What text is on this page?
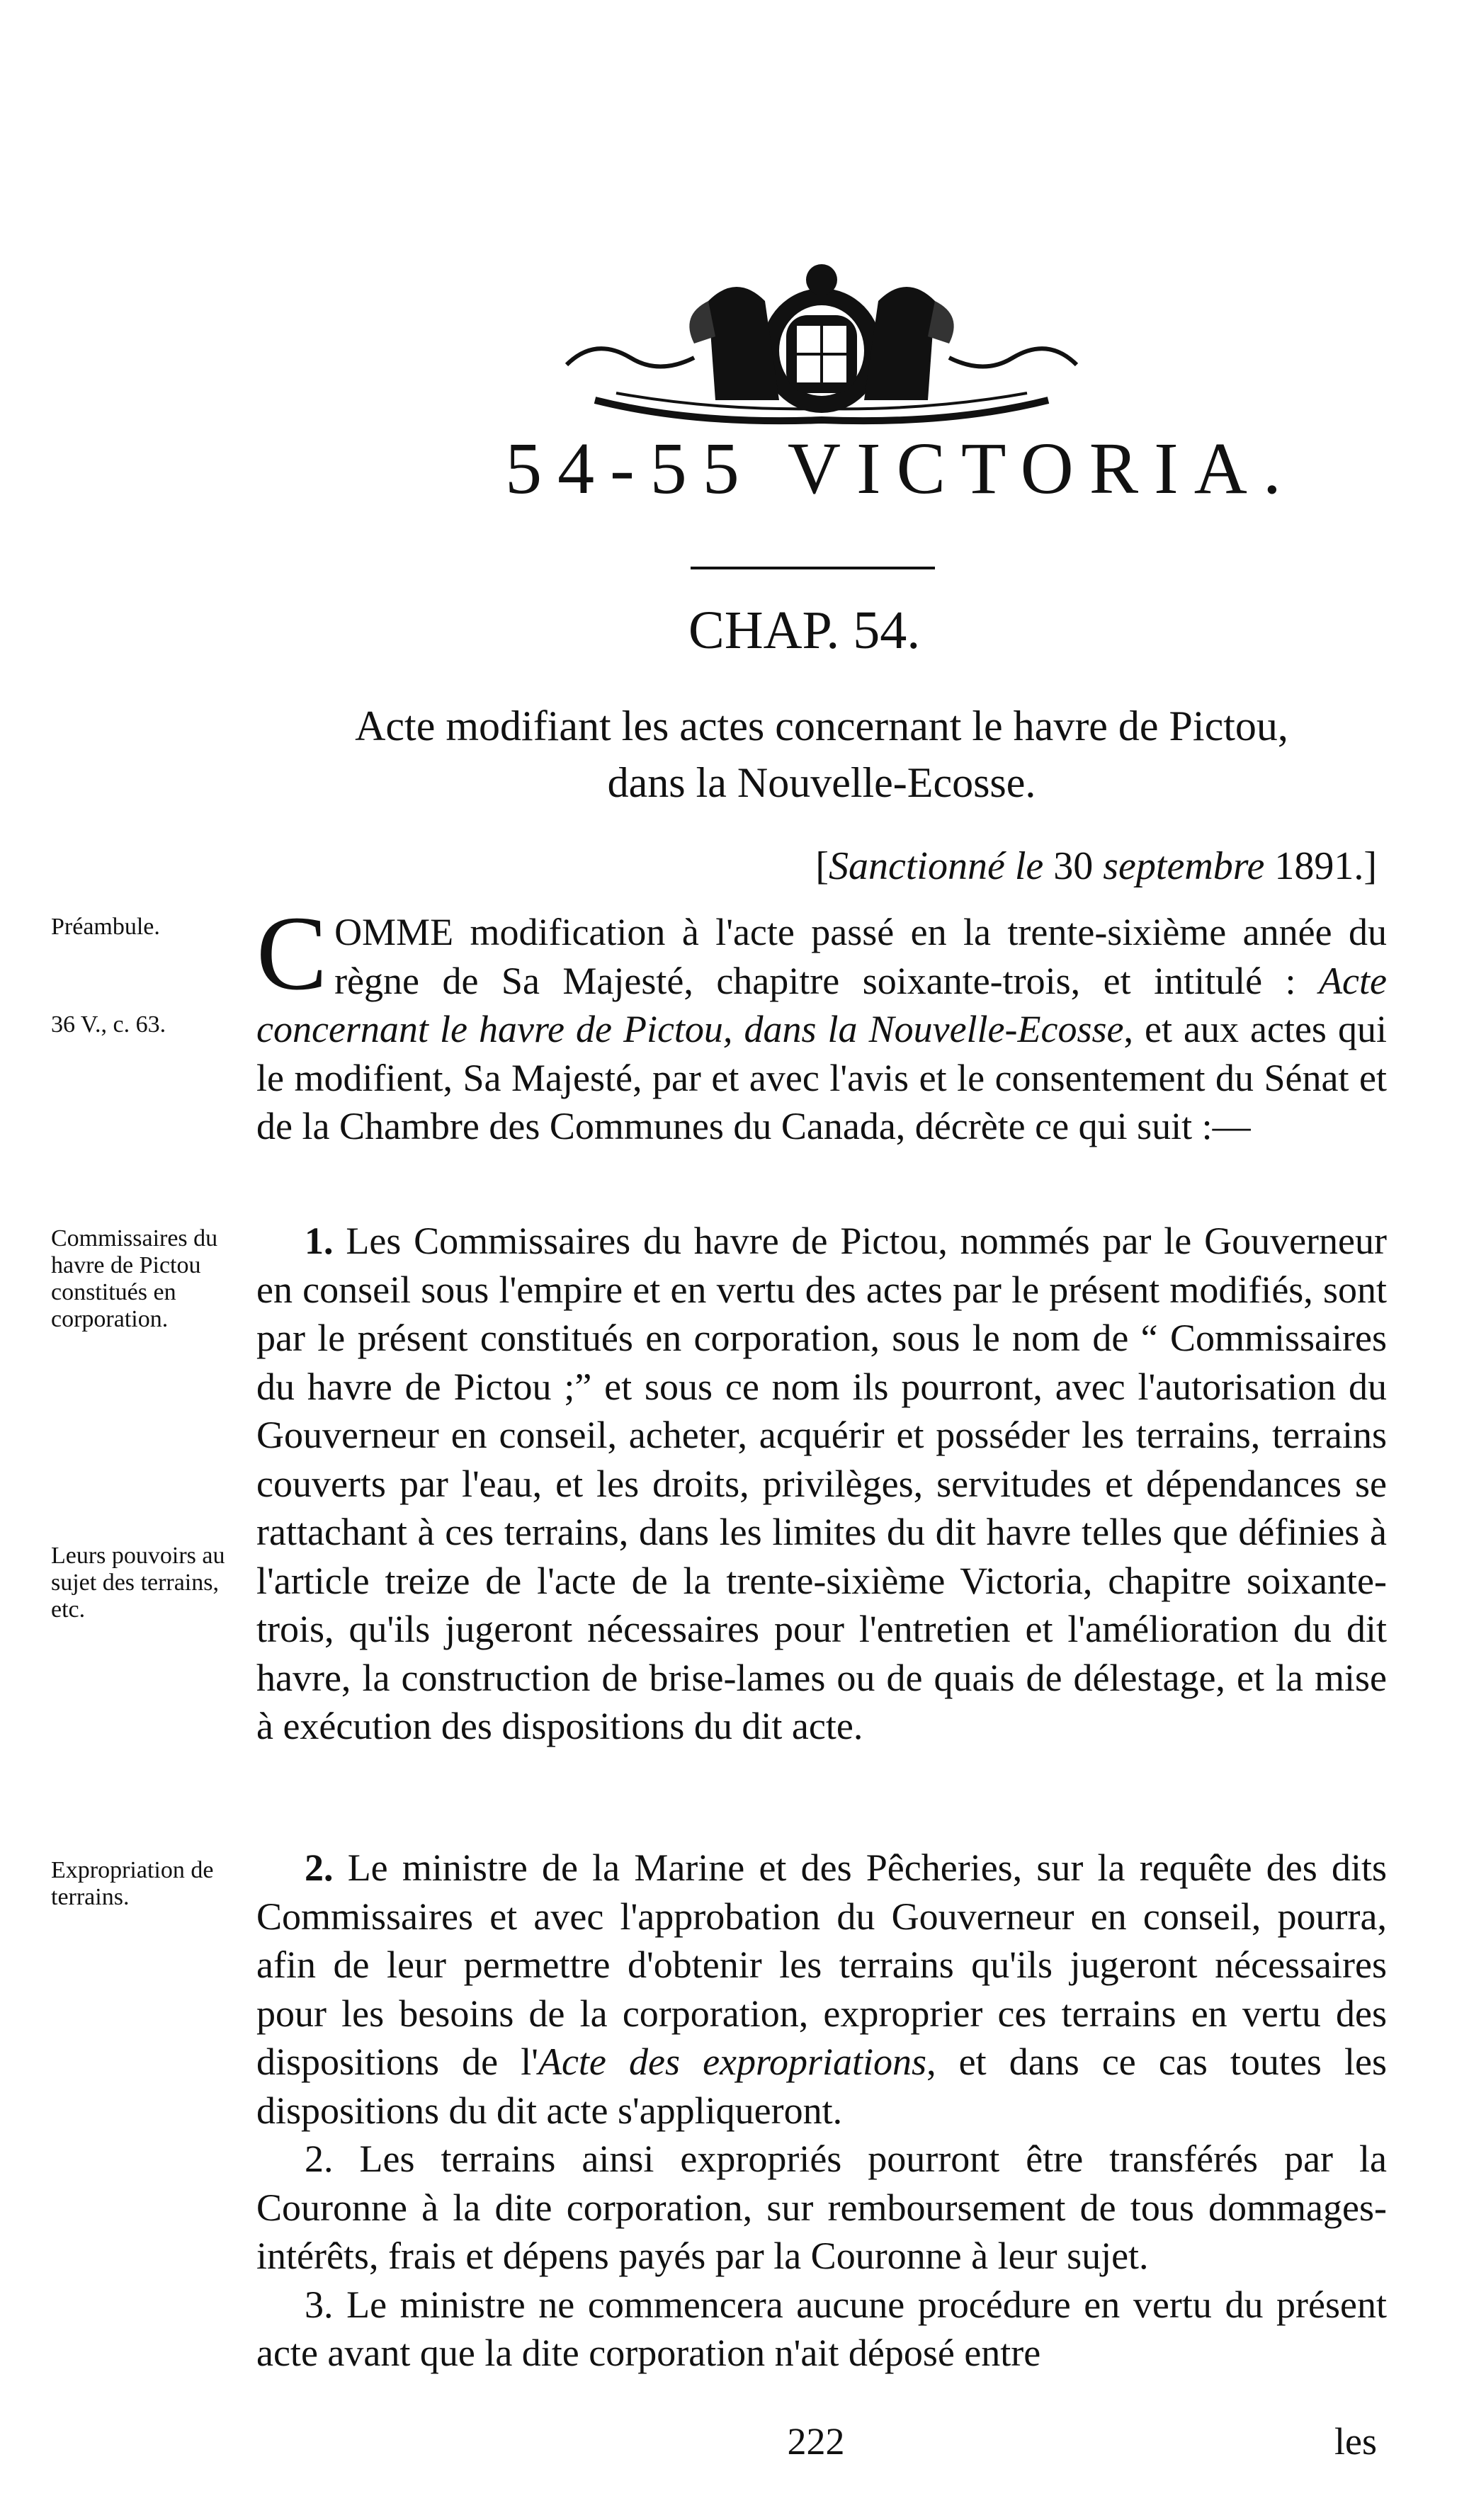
54-55 VICTORIA.
CHAP. 54.
Acte modifiant les actes concernant le havre de Pictou,
dans la Nouvelle-Ecosse.
[Sanctionné le 30 septembre 1891.]
Préambule.
36 V., c. 63.
Commissaires du havre de Pictou constitués en corporation.
Leurs pouvoirs au sujet des terrains, etc.
Expropriation de terrains.

COMME modification à l'acte passé en la trente-sixième année du règne de Sa Majesté, chapitre soixante-trois, et intitulé : Acte concernant le havre de Pictou, dans la Nouvelle-Ecosse, et aux actes qui le modifient, Sa Majesté, par et avec l'avis et le consentement du Sénat et de la Chambre des Communes du Canada, décrète ce qui suit :—

1. Les Commissaires du havre de Pictou, nommés par le Gouverneur en conseil sous l'empire et en vertu des actes par le présent modifiés, sont par le présent constitués en corporation, sous le nom de “ Commissaires du havre de Pictou ;” et sous ce nom ils pourront, avec l'autorisation du Gouverneur en conseil, acheter, acquérir et posséder les terrains, terrains couverts par l'eau, et les droits, privilèges, servitudes et dépendances se rattachant à ces terrains, dans les limites du dit havre telles que définies à l'article treize de l'acte de la trente-sixième Victoria, chapitre soixante-trois, qu'ils jugeront nécessaires pour l'entretien et l'amélioration du dit havre, la construction de brise-lames ou de quais de délestage, et la mise à exécution des dispositions du dit acte.

2. Le ministre de la Marine et des Pêcheries, sur la requête des dits Commissaires et avec l'approbation du Gouverneur en conseil, pourra, afin de leur permettre d'obtenir les terrains qu'ils jugeront nécessaires pour les besoins de la corporation, exproprier ces terrains en vertu des dispositions de l'Acte des expropriations, et dans ce cas toutes les dispositions du dit acte s'appliqueront.

2. Les terrains ainsi expropriés pourront être transférés par la Couronne à la dite corporation, sur remboursement de tous dommages-intérêts, frais et dépens payés par la Couronne à leur sujet.

3. Le ministre ne commencera aucune procédure en vertu du présent acte avant que la dite corporation n'ait déposé entre

222	les
